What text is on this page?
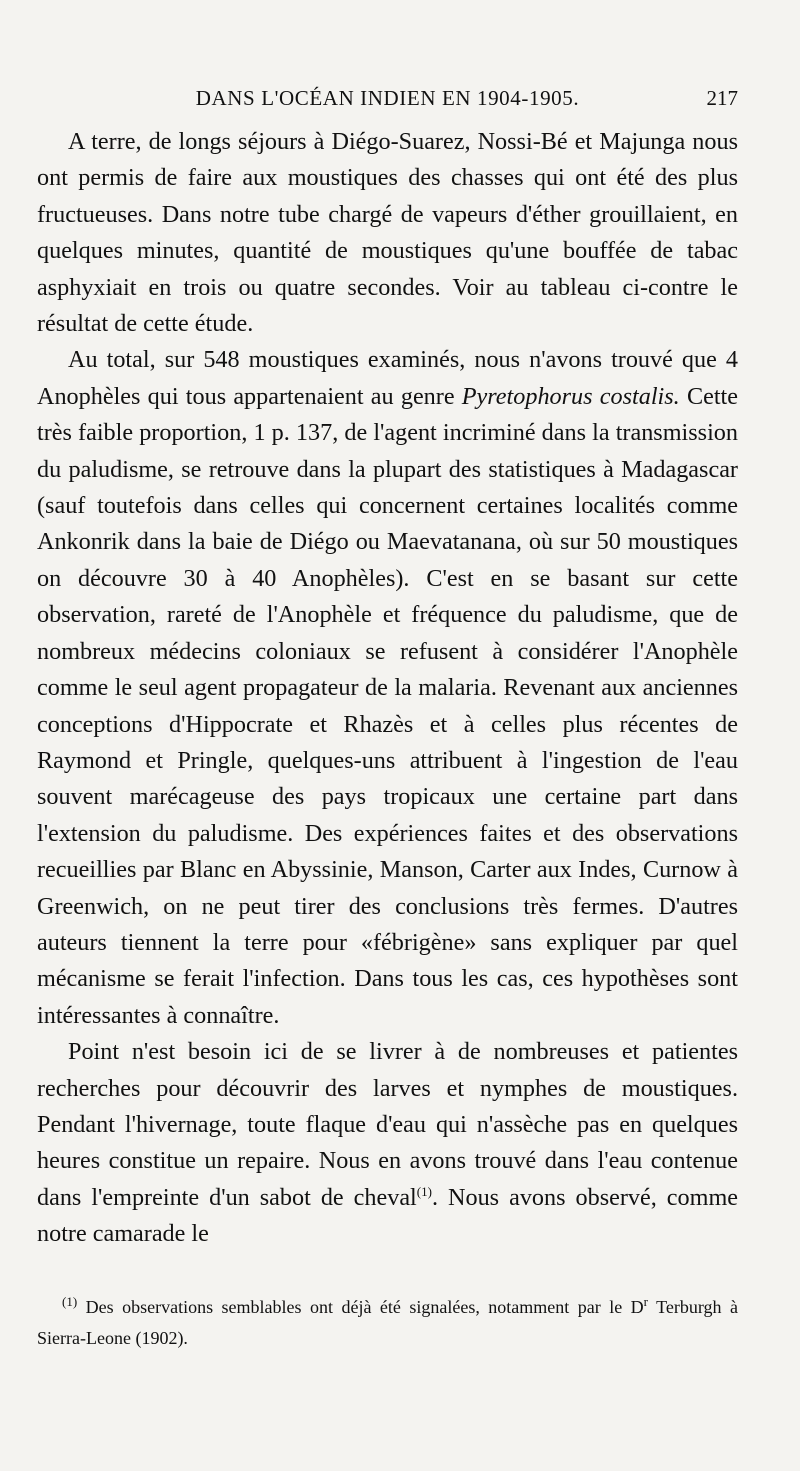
DANS L'OCÉAN INDIEN EN 1904-1905.	217

A terre, de longs séjours à Diégo-Suarez, Nossi-Bé et Majunga nous ont permis de faire aux moustiques des chasses qui ont été des plus fructueuses. Dans notre tube chargé de vapeurs d'éther grouillaient, en quelques minutes, quantité de moustiques qu'une bouffée de tabac asphyxiait en trois ou quatre secondes. Voir au tableau ci-contre le résultat de cette étude.

Au total, sur 548 moustiques examinés, nous n'avons trouvé que 4 Anophèles qui tous appartenaient au genre Pyretophorus costalis. Cette très faible proportion, 1 p. 137, de l'agent incriminé dans la transmission du paludisme, se retrouve dans la plupart des statistiques à Madagascar (sauf toutefois dans celles qui concernent certaines localités comme Ankonrik dans la baie de Diégo ou Maevatanana, où sur 50 moustiques on découvre 30 à 40 Anophèles). C'est en se basant sur cette observation, rareté de l'Anophèle et fréquence du paludisme, que de nombreux médecins coloniaux se refusent à considérer l'Anophèle comme le seul agent propagateur de la malaria. Revenant aux anciennes conceptions d'Hippocrate et Rhazès et à celles plus récentes de Raymond et Pringle, quelques-uns attribuent à l'ingestion de l'eau souvent marécageuse des pays tropicaux une certaine part dans l'extension du paludisme. Des expériences faites et des observations recueillies par Blanc en Abyssinie, Manson, Carter aux Indes, Curnow à Greenwich, on ne peut tirer des conclusions très fermes. D'autres auteurs tiennent la terre pour «fébrigène» sans expliquer par quel mécanisme se ferait l'infection. Dans tous les cas, ces hypothèses sont intéressantes à connaître.

Point n'est besoin ici de se livrer à de nombreuses et patientes recherches pour découvrir des larves et nymphes de moustiques. Pendant l'hivernage, toute flaque d'eau qui n'assèche pas en quelques heures constitue un repaire. Nous en avons trouvé dans l'eau contenue dans l'empreinte d'un sabot de cheval$^{(1)}$. Nous avons observé, comme notre camarade le

$^{(1)}$ Des observations semblables ont déjà été signalées, notamment par le $D^r$ Terburgh à Sierra-Leone (1902).
